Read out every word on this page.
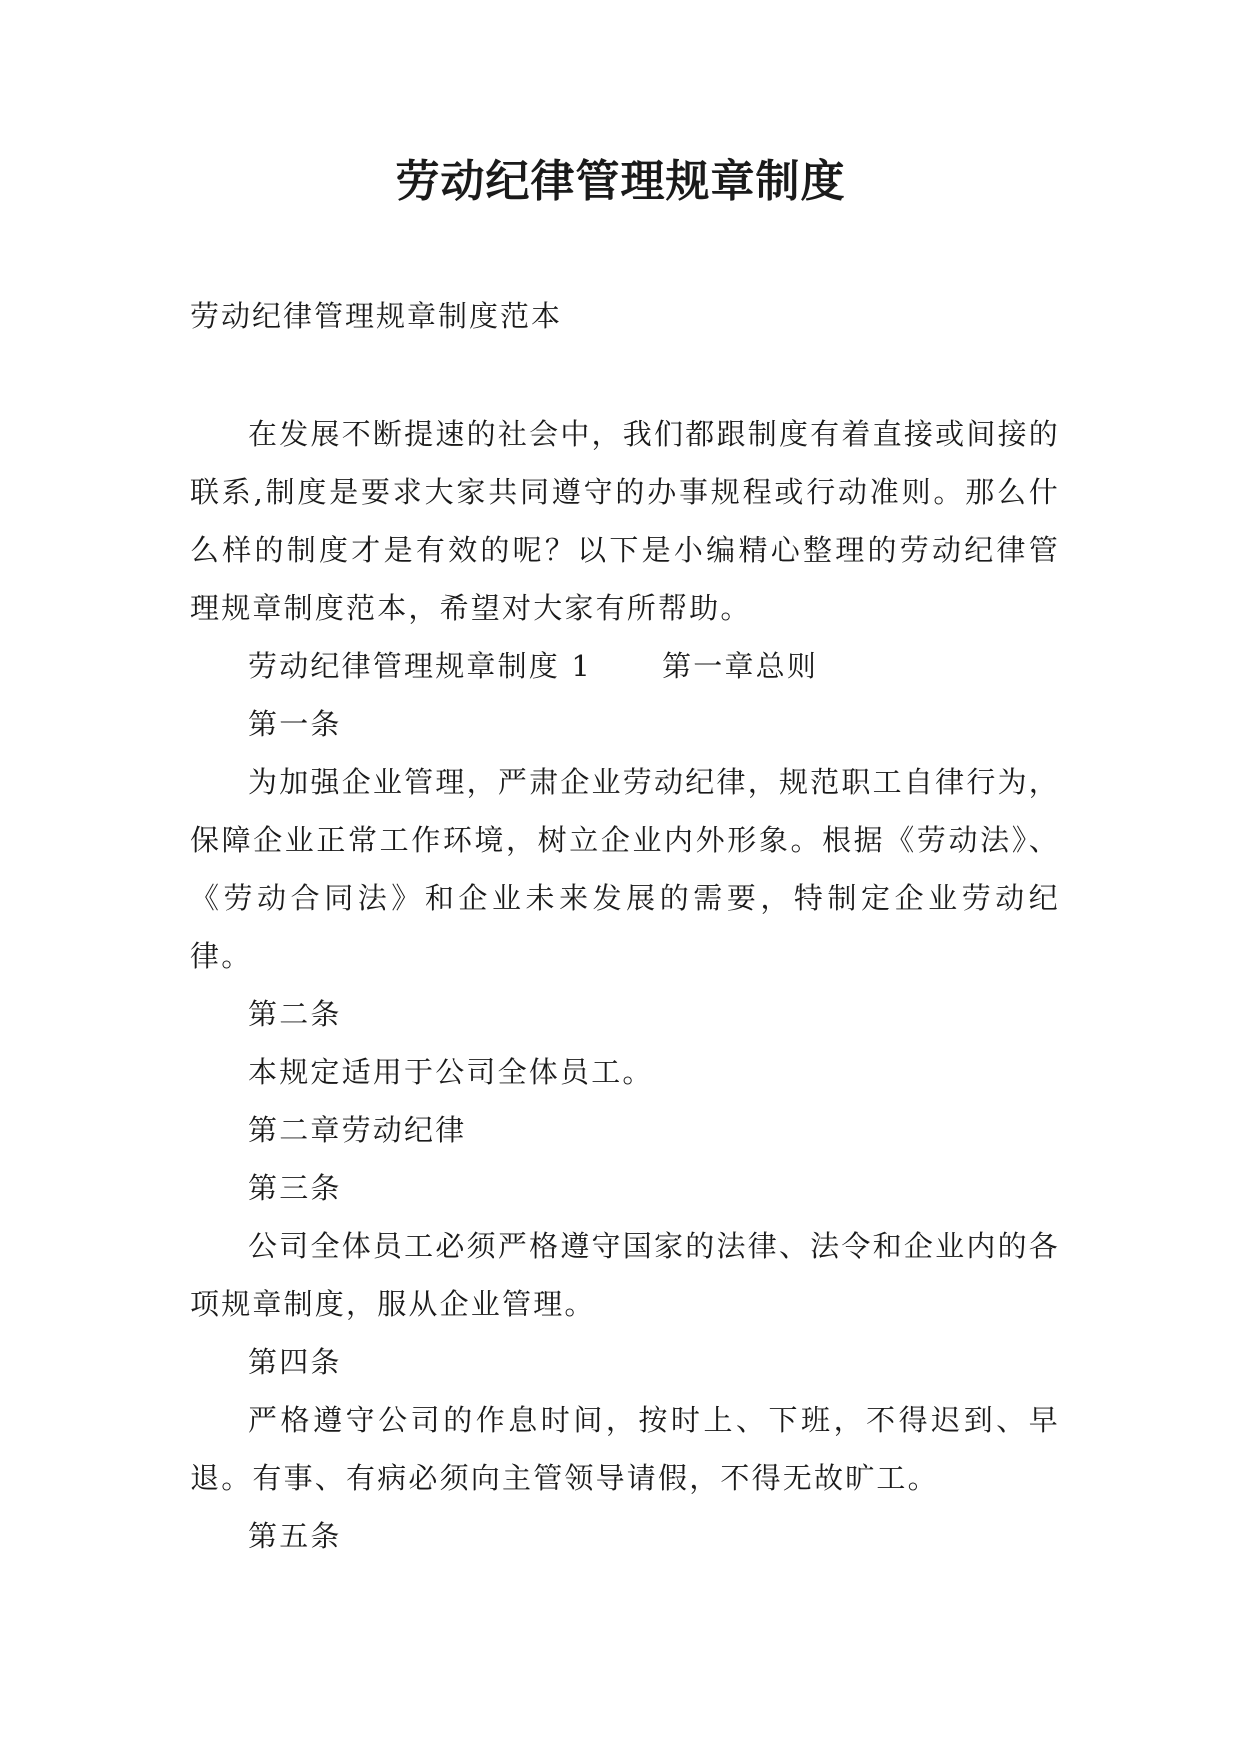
劳动纪律管理规章制度
劳动纪律管理规章制度范本

在发展不断提速的社会中，我们都跟制度有着直接或间接的联系,制度是要求大家共同遵守的办事规程或行动准则。那么什么样的制度才是有效的呢？以下是小编精心整理的劳动纪律管理规章制度范本，希望对大家有所帮助。

劳动纪律管理规章制度 1 第一章总则

第一条

为加强企业管理，严肃企业劳动纪律，规范职工自律行为，保障企业正常工作环境，树立企业内外形象。根据《劳动法》、《劳动合同法》和企业未来发展的需要，特制定企业劳动纪律。

第二条

本规定适用于公司全体员工。

第二章劳动纪律

第三条

公司全体员工必须严格遵守国家的法律、法令和企业内的各项规章制度，服从企业管理。

第四条

严格遵守公司的作息时间，按时上、下班，不得迟到、早退。有事、有病必须向主管领导请假，不得无故旷工。

第五条
